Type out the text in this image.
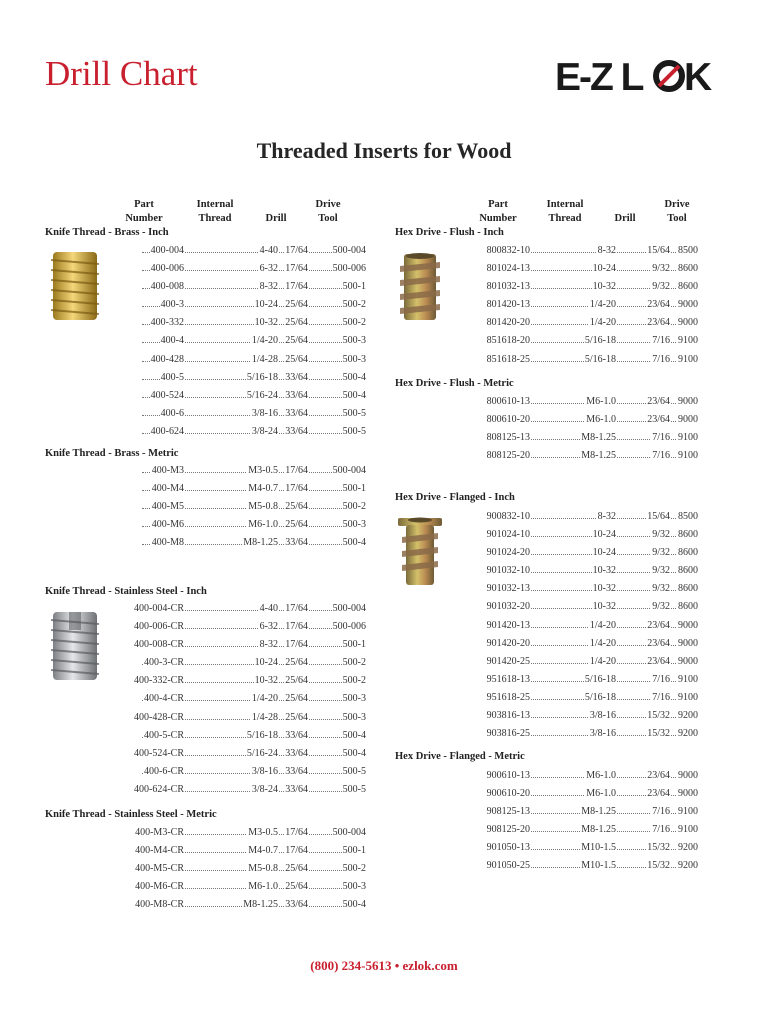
Drill Chart	E-Z L K
Threaded Inserts for Wood
Part
Number
Internal
Thread	Drill
Drive
Tool
Part
Number
Internal
Thread	Drill
Drive
Tool
Knife Thread - Brass - Inch
400-004	4-40 17/64 500-004
400-006	6-32 17/64 500-006
400-008	8-32 17/64	500-1
400-3	10-24 25/64	500-2
400-332	10-32 25/64	500-2
400-4	1/4-20 25/64	500-3
400-428	1/4-28 25/64	500-3
400-5	5/16-18 33/64	500-4
400-524	5/16-24 33/64	500-4
400-6	3/8-16 33/64	500-5
400-624	3/8-24 33/64	500-5
Knife Thread - Brass - Metric
400-M3	M3-0.5 17/64 500-004
400-M4	M4-0.7 17/64	500-1
400-M5	M5-0.8 25/64	500-2
400-M6	M6-1.0 25/64	500-3
400-M8	M8-1.25 33/64	500-4
Knife Thread - Stainless Steel - Inch
400-004-CR	4-40 17/64 500-004
400-006-CR	6-32 17/64 500-006
400-008-CR	8-32 17/64	500-1
400-3-CR	10-24 25/64	500-2
400-332-CR	10-32 25/64	500-2
400-4-CR	1/4-20 25/64	500-3
400-428-CR	1/4-28 25/64	500-3
400-5-CR	5/16-18 33/64	500-4
400-524-CR	5/16-24 33/64	500-4
400-6-CR	3/8-16 33/64	500-5
400-624-CR	3/8-24 33/64	500-5
Knife Thread - Stainless Steel - Metric
400-M3-CR	M3-0.5 17/64 500-004
400-M4-CR	M4-0.7 17/64	500-1
400-M5-CR	M5-0.8 25/64	500-2
400-M6-CR	M6-1.0 25/64	500-3
400-M8-CR	M8-1.25 33/64	500-4
Hex Drive - Flush - Inch
800832-10	8-32	15/64 8500
801024-13	10-24	9/32 8600
801032-13	10-32	9/32 8600
801420-13	1/4-20	23/64 9000
801420-20	1/4-20	23/64 9000
851618-20	5/16-18	7/16 9100
851618-25	5/16-18	7/16 9100
Hex Drive - Flush - Metric
800610-13	M6-1.0	23/64 9000
800610-20	M6-1.0	23/64 9000
808125-13	M8-1.25	7/16 9100
808125-20	M8-1.25	7/16 9100
Hex Drive - Flanged - Inch
900832-10	8-32	15/64 8500
901024-10	10-24	9/32 8600
901024-20	10-24	9/32 8600
901032-10	10-32	9/32 8600
901032-13	10-32	9/32 8600
901032-20	10-32	9/32 8600
901420-13	1/4-20	23/64 9000
901420-20	1/4-20	23/64 9000
901420-25	1/4-20	23/64 9000
951618-13	5/16-18	7/16 9100
951618-25	5/16-18	7/16 9100
903816-13	3/8-16	15/32 9200
903816-25	3/8-16	15/32 9200
Hex Drive - Flanged - Metric
900610-13	M6-1.0	23/64 9000
900610-20	M6-1.0	23/64 9000
908125-13	M8-1.25	7/16 9100
908125-20	M8-1.25	7/16 9100
901050-13	M10-1.5	15/32 9200
901050-25	M10-1.5	15/32 9200
(800) 234-5613 • ezlok.com
